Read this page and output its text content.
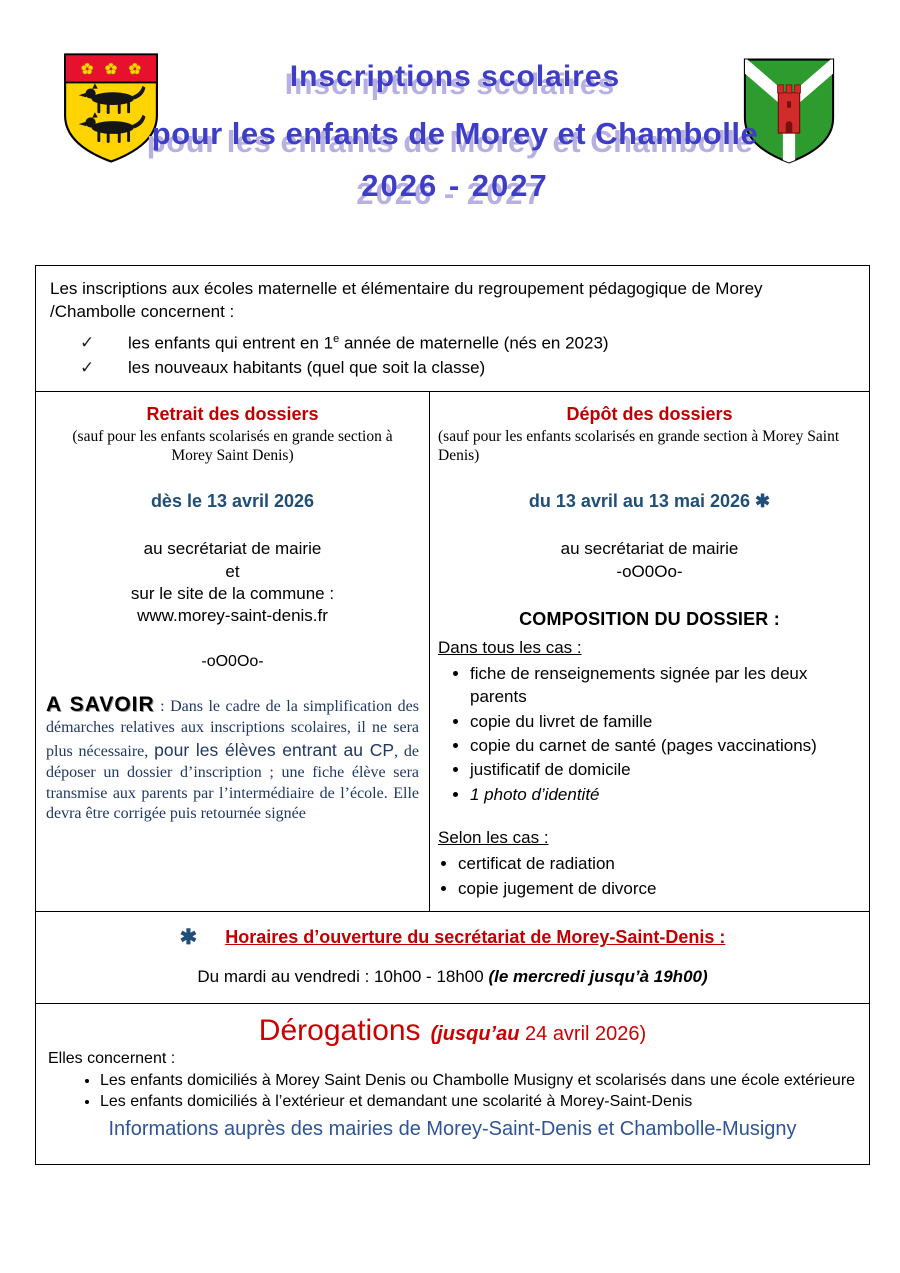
Inscriptions scolaires
pour les enfants de Morey et Chambolle
2026 - 2027

Les inscriptions aux écoles maternelle et élémentaire du regroupement pédagogique de Morey /Chambolle concernent :

✓	les enfants qui entrent en 1e année de maternelle (nés en 2023)
✓	les nouveaux habitants (quel que soit la classe)
Retrait des dossiers

(sauf pour les enfants scolarisés en grande section à Morey Saint Denis)

dès le 13 avril 2026

au secrétariat de mairie
et
sur le site de la commune :
www.morey-saint-denis.fr

-oO0Oo-

A SAVOIR : Dans le cadre de la simplification des démarches relatives aux inscriptions scolaires, il ne sera plus nécessaire, pour les élèves entrant au CP, de déposer un dossier d’inscription ; une fiche élève sera transmise aux parents par l’intermédiaire de l’école. Elle devra être corrigée puis retournée signée

Dépôt des dossiers

(sauf pour les enfants scolarisés en grande section à Morey Saint Denis)

du 13 avril au 13 mai 2026 ✱

au secrétariat de mairie
-oO0Oo-

COMPOSITION DU DOSSIER :

Dans tous les cas :

• fiche de renseignements signée par les deux parents
• copie du livret de famille
• copie du carnet de santé (pages vaccinations)
• justificatif de domicile
• 1 photo d’identité

Selon les cas :

• certificat de radiation
• copie jugement de divorce

✱ Horaires d’ouverture du secrétariat de Morey-Saint-Denis :

Du mardi au vendredi : 10h00 - 18h00 (le mercredi jusqu’à 19h00)

Dérogations (jusqu’au 24 avril 2026)

Elles concernent :

• Les enfants domiciliés à Morey Saint Denis ou Chambolle Musigny et scolarisés dans une école extérieure
• Les enfants domiciliés à l’extérieur et demandant une scolarité à Morey-Saint-Denis

Informations auprès des mairies de Morey-Saint-Denis et Chambolle-Musigny
